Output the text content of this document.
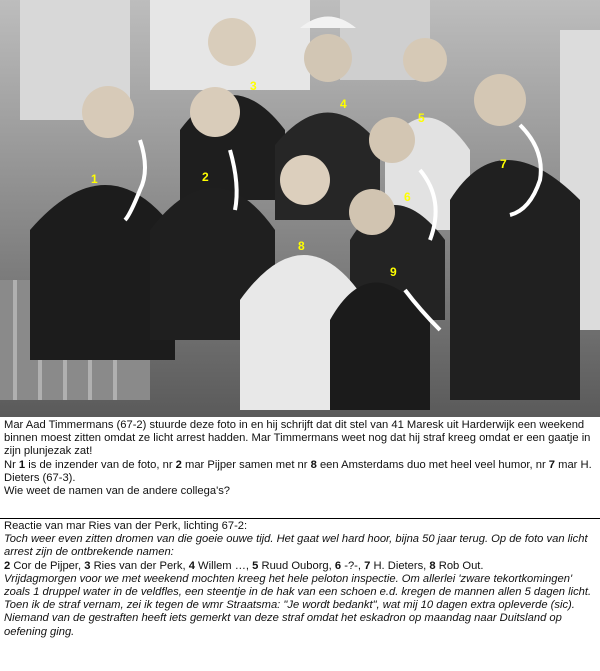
1	2
3
4
5
6
7
8
9

Mar Aad Timmermans (67-2) stuurde deze foto in en hij schrijft dat dit stel van 41 Maresk uit Harderwijk een weekend binnen moest zitten omdat ze licht arrest hadden. Mar Timmermans weet nog dat hij straf kreeg omdat er een gaatje in zijn plunjezak zat!

Nr 1 is de inzender van de foto, nr 2 mar Pijper samen met nr 8 een Amsterdams duo met heel veel humor, nr 7 mar H. Dieters (67-3).

Wie weet de namen van de andere collega's?

Reactie van mar Ries van der Perk, lichting 67-2:

Toch weer even zitten dromen van die goeie ouwe tijd. Het gaat wel hard hoor, bijna 50 jaar terug. Op de foto van licht arrest zijn de ontbrekende namen:

2 Cor de Pijper, 3 Ries van der Perk, 4 Willem …, 5 Ruud Ouborg, 6 -?-, 7 H. Dieters, 8 Rob Out.

Vrijdagmorgen voor we met weekend mochten kreeg het hele peloton inspectie. Om allerlei 'zware tekortkomingen' zoals 1 druppel water in de veldfles, een steentje in de hak van een schoen e.d. kregen de mannen allen 5 dagen licht. Toen ik de straf vernam, zei ik tegen de wmr Straatsma: "Je wordt bedankt", wat mij 10 dagen extra opleverde (sic). Niemand van de gestraften heeft iets gemerkt van deze straf omdat het eskadron op maandag naar Duitsland op oefening ging.
